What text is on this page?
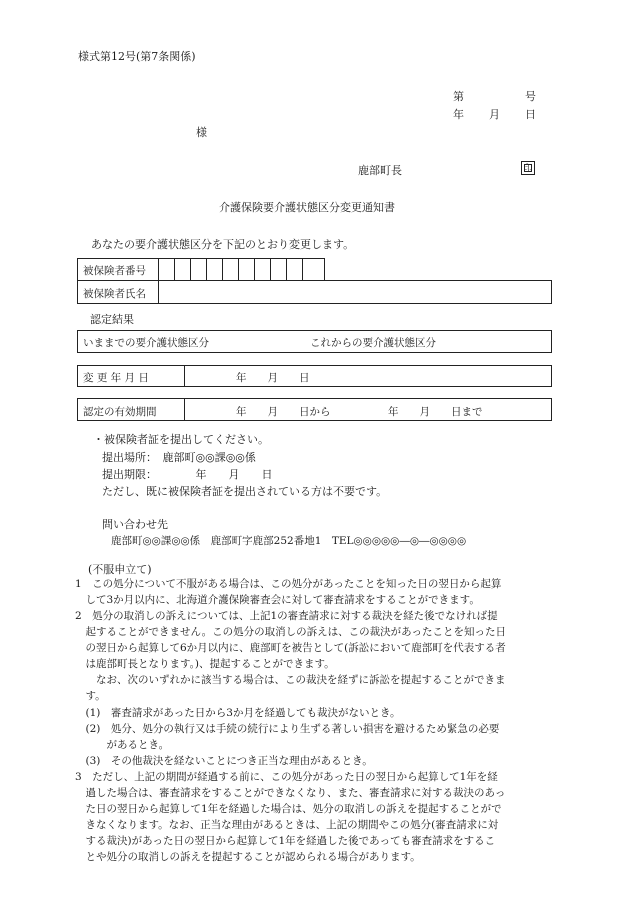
様式第12号(第7条関係)
第	号
年 月 日
様
鹿部町長	印
介護保険要介護状態区分変更通知書
あなたの要介護状態区分を下記のとおり変更します。
被保険者番号
被保険者氏名
認定結果
いままでの要介護状態区分	これからの要介護状態区分
変 更 年 月 日	年　　月　　日
認定の有効期間	年　　月　　日から	年　　月　　日まで
・被保険者証を提出してください。
提出場所：　鹿部町◎◎課◎◎係
提出期限：　　　　年　　月　　日
ただし、既に被保険者証を提出されている方は不要です。
問い合わせ先
鹿部町◎◎課◎◎係　鹿部町字鹿部252番地1　TEL◎◎◎◎◎―◎―◎◎◎◎
(不服申立て)
1　この処分について不服がある場合は、この処分があったことを知った日の翌日から起算
　して3か月以内に、北海道介護保険審査会に対して審査請求をすることができます。
2　処分の取消しの訴えについては、上記1の審査請求に対する裁決を経た後でなければ提
　起することができません。この処分の取消しの訴えは、この裁決があったことを知った日
　の翌日から起算して6か月以内に、鹿部町を被告として(訴訟において鹿部町を代表する者
　は鹿部町長となります。)、提起することができます。
　　なお、次のいずれかに該当する場合は、この裁決を経ずに訴訟を提起することができま
　す。
　(1)　審査請求があった日から3か月を経過しても裁決がないとき。
　(2)　処分、処分の執行又は手続の続行により生ずる著しい損害を避けるため緊急の必要
　　　があるとき。
　(3)　その他裁決を経ないことにつき正当な理由があるとき。
3　ただし、上記の期間が経過する前に、この処分があった日の翌日から起算して1年を経
　過した場合は、審査請求をすることができなくなり、また、審査請求に対する裁決のあっ
　た日の翌日から起算して1年を経過した場合は、処分の取消しの訴えを提起することがで
　きなくなります。なお、正当な理由があるときは、上記の期間やこの処分(審査請求に対
　する裁決)があった日の翌日から起算して1年を経過した後であっても審査請求をするこ
　とや処分の取消しの訴えを提起することが認められる場合があります。
